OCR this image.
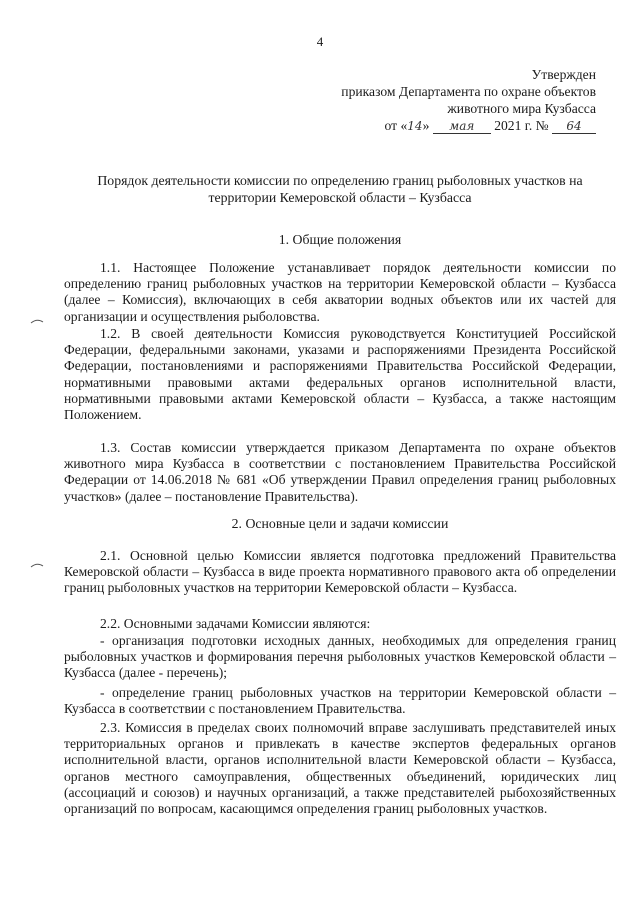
4
Утвержден
приказом Департамента по охране объектов
животного мира Кузбасса
от «14» мая 2021 г. № 64
Порядок деятельности комиссии по определению границ рыболовных участков на
территории Кемеровской области – Кузбасса
1. Общие положения
1.1. Настоящее Положение устанавливает порядок деятельности комиссии по определению границ рыболовных участков на территории Кемеровской области – Кузбасса (далее – Комиссия), включающих в себя акватории водных объектов или их частей для организации и осуществления рыболовства.
1.2. В своей деятельности Комиссия руководствуется Конституцией Российской Федерации, федеральными законами, указами и распоряжениями Президента Российской Федерации, постановлениями и распоряжениями Правительства Российской Федерации, нормативными правовыми актами федеральных органов исполнительной власти, нормативными правовыми актами Кемеровской области – Кузбасса, а также настоящим Положением.
1.3. Состав комиссии утверждается приказом Департамента по охране объектов животного мира Кузбасса в соответствии с постановлением Правительства Российской Федерации от 14.06.2018 № 681 «Об утверждении Правил определения границ рыболовных участков» (далее – постановление Правительства).
2. Основные цели и задачи комиссии
2.1. Основной целью Комиссии является подготовка предложений Правительства Кемеровской области – Кузбасса в виде проекта нормативного правового акта об определении границ рыболовных участков на территории Кемеровской области – Кузбасса.
2.2. Основными задачами Комиссии являются:
- организация подготовки исходных данных, необходимых для определения границ рыболовных участков и формирования перечня рыболовных участков Кемеровской области – Кузбасса (далее - перечень);
- определение границ рыболовных участков на территории Кемеровской области – Кузбасса в соответствии с постановлением Правительства.
2.3. Комиссия в пределах своих полномочий вправе заслушивать представителей иных территориальных органов и привлекать в качестве экспертов федеральных органов исполнительной власти, органов исполнительной власти Кемеровской области – Кузбасса, органов местного самоуправления, общественных объединений, юридических лиц (ассоциаций и союзов) и научных организаций, а также представителей рыбохозяйственных организаций по вопросам, касающимся определения границ рыболовных участков.
